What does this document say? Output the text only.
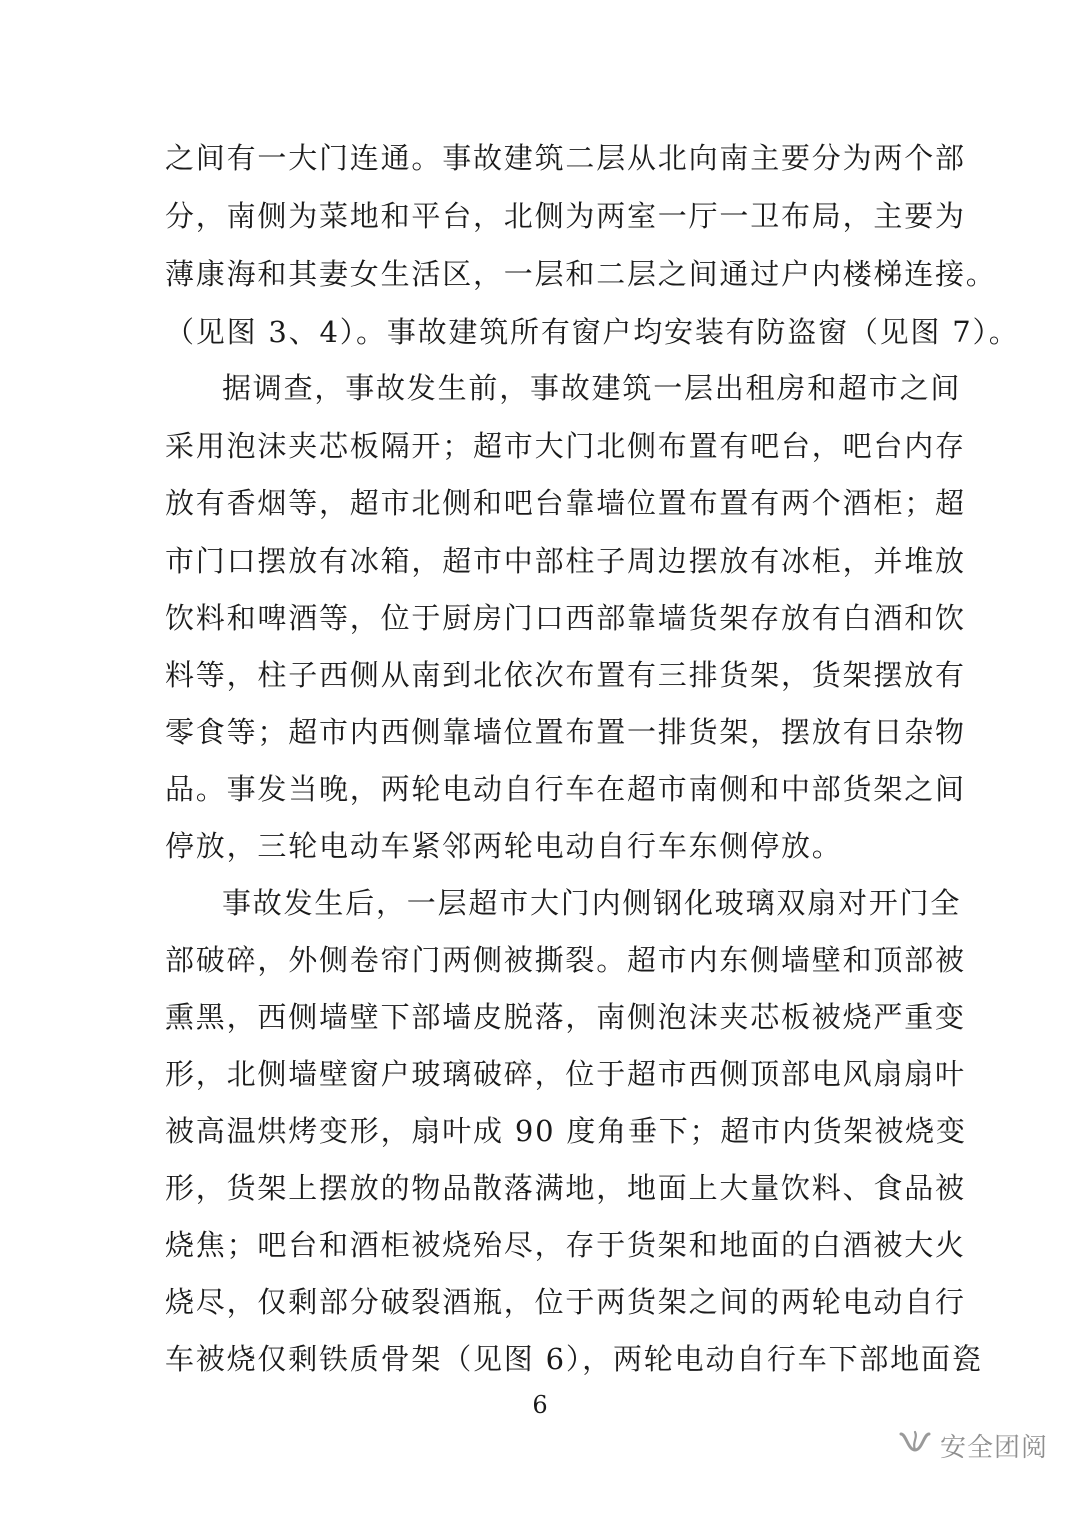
之间有一大门连通。事故建筑二层从北向南主要分为两个部
分，南侧为菜地和平台，北侧为两室一厅一卫布局，主要为
薄康海和其妻女生活区，一层和二层之间通过户内楼梯连接。
（见图 3、4）。事故建筑所有窗户均安装有防盗窗（见图 7）。
据调查，事故发生前，事故建筑一层出租房和超市之间
采用泡沫夹芯板隔开；超市大门北侧布置有吧台，吧台内存
放有香烟等，超市北侧和吧台靠墙位置布置有两个酒柜；超
市门口摆放有冰箱，超市中部柱子周边摆放有冰柜，并堆放
饮料和啤酒等，位于厨房门口西部靠墙货架存放有白酒和饮
料等，柱子西侧从南到北依次布置有三排货架，货架摆放有
零食等；超市内西侧靠墙位置布置一排货架，摆放有日杂物
品。事发当晚，两轮电动自行车在超市南侧和中部货架之间
停放，三轮电动车紧邻两轮电动自行车东侧停放。
事故发生后，一层超市大门内侧钢化玻璃双扇对开门全
部破碎，外侧卷帘门两侧被撕裂。超市内东侧墙壁和顶部被
熏黑，西侧墙壁下部墙皮脱落，南侧泡沫夹芯板被烧严重变
形，北侧墙壁窗户玻璃破碎，位于超市西侧顶部电风扇扇叶
被高温烘烤变形，扇叶成 90 度角垂下；超市内货架被烧变
形，货架上摆放的物品散落满地，地面上大量饮料、食品被
烧焦；吧台和酒柜被烧殆尽，存于货架和地面的白酒被大火
烧尽，仅剩部分破裂酒瓶，位于两货架之间的两轮电动自行
车被烧仅剩铁质骨架（见图 6），两轮电动自行车下部地面瓷
6
安全团阅
